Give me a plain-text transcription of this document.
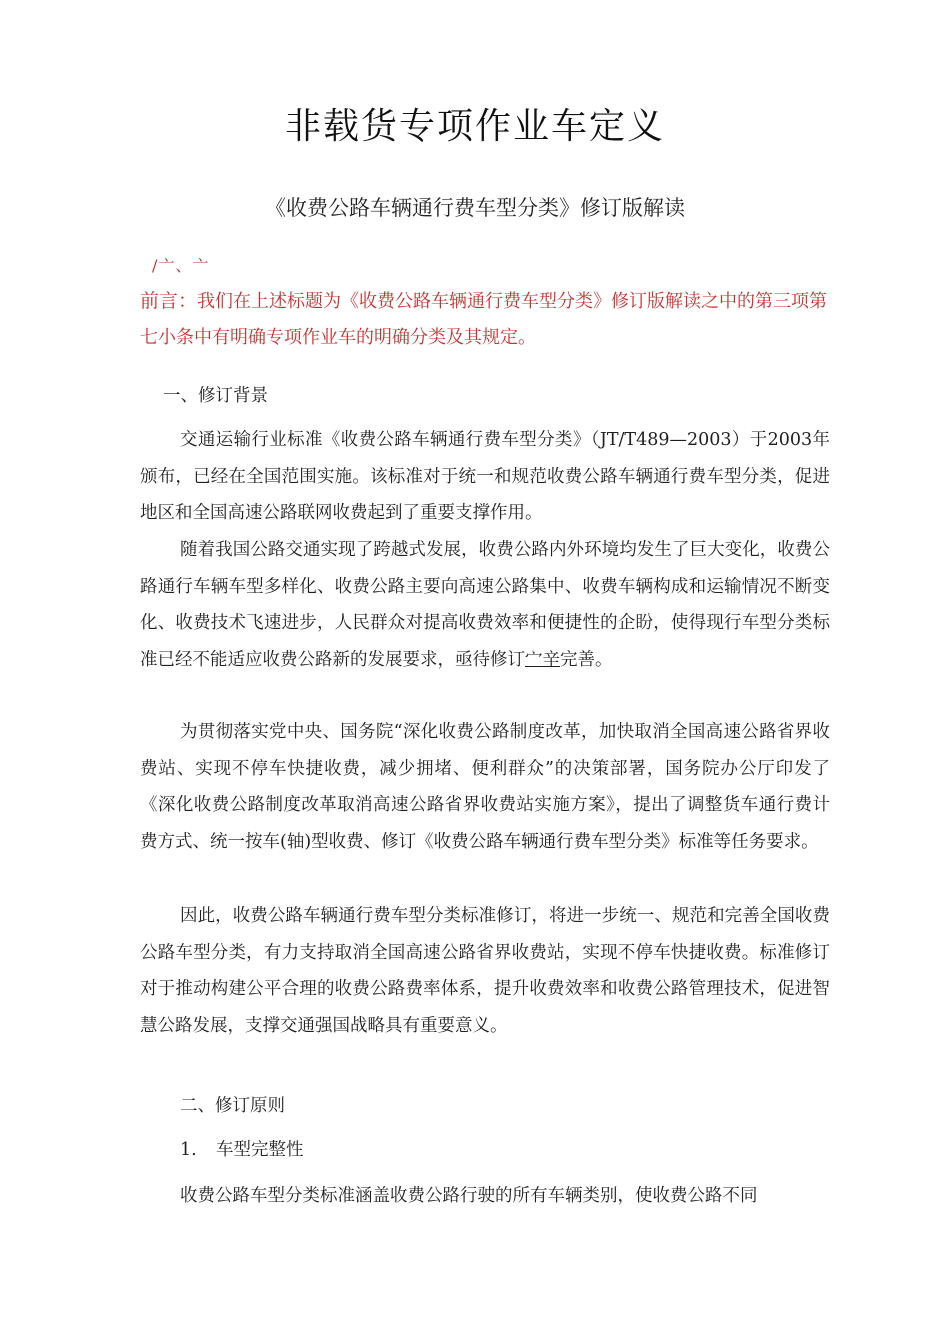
非载货专项作业车定义
《收费公路车辆通行费车型分类》修订版解读
/亠、亠
前言：我们在上述标题为《收费公路车辆通行费车型分类》修订版解读之中的第三项第七小条中有明确专项作业车的明确分类及其规定。
一、修订背景
交通运输行业标准《收费公路车辆通行费车型分类》（JT/T489—2003）于2003年颁布，已经在全国范围实施。该标准对于统一和规范收费公路车辆通行费车型分类，促进地区和全国高速公路联网收费起到了重要支撑作用。
随着我国公路交通实现了跨越式发展，收费公路内外环境均发生了巨大变化，收费公路通行车辆车型多样化、收费公路主要向高速公路集中、收费车辆构成和运输情况不断变化、收费技术飞速进步，人民群众对提高收费效率和便捷性的企盼，使得现行车型分类标准已经不能适应收费公路新的发展要求，亟待修订宀辛完善。
为贯彻落实党中央、国务院“深化收费公路制度改革，加快取消全国高速公路省界收费站、实现不停车快捷收费，减少拥堵、便利群众”的决策部署，国务院办公厅印发了《深化收费公路制度改革取消高速公路省界收费站实施方案》，提出了调整货车通行费计费方式、统一按车(轴)型收费、修订《收费公路车辆通行费车型分类》标准等任务要求。
因此，收费公路车辆通行费车型分类标准修订，将进一步统一、规范和完善全国收费公路车型分类，有力支持取消全国高速公路省界收费站，实现不停车快捷收费。标准修订对于推动构建公平合理的收费公路费率体系，提升收费效率和收费公路管理技术，促进智慧公路发展，支撑交通强国战略具有重要意义。
二、修订原则
1. 车型完整性
收费公路车型分类标准涵盖收费公路行驶的所有车辆类别，使收费公路不同
